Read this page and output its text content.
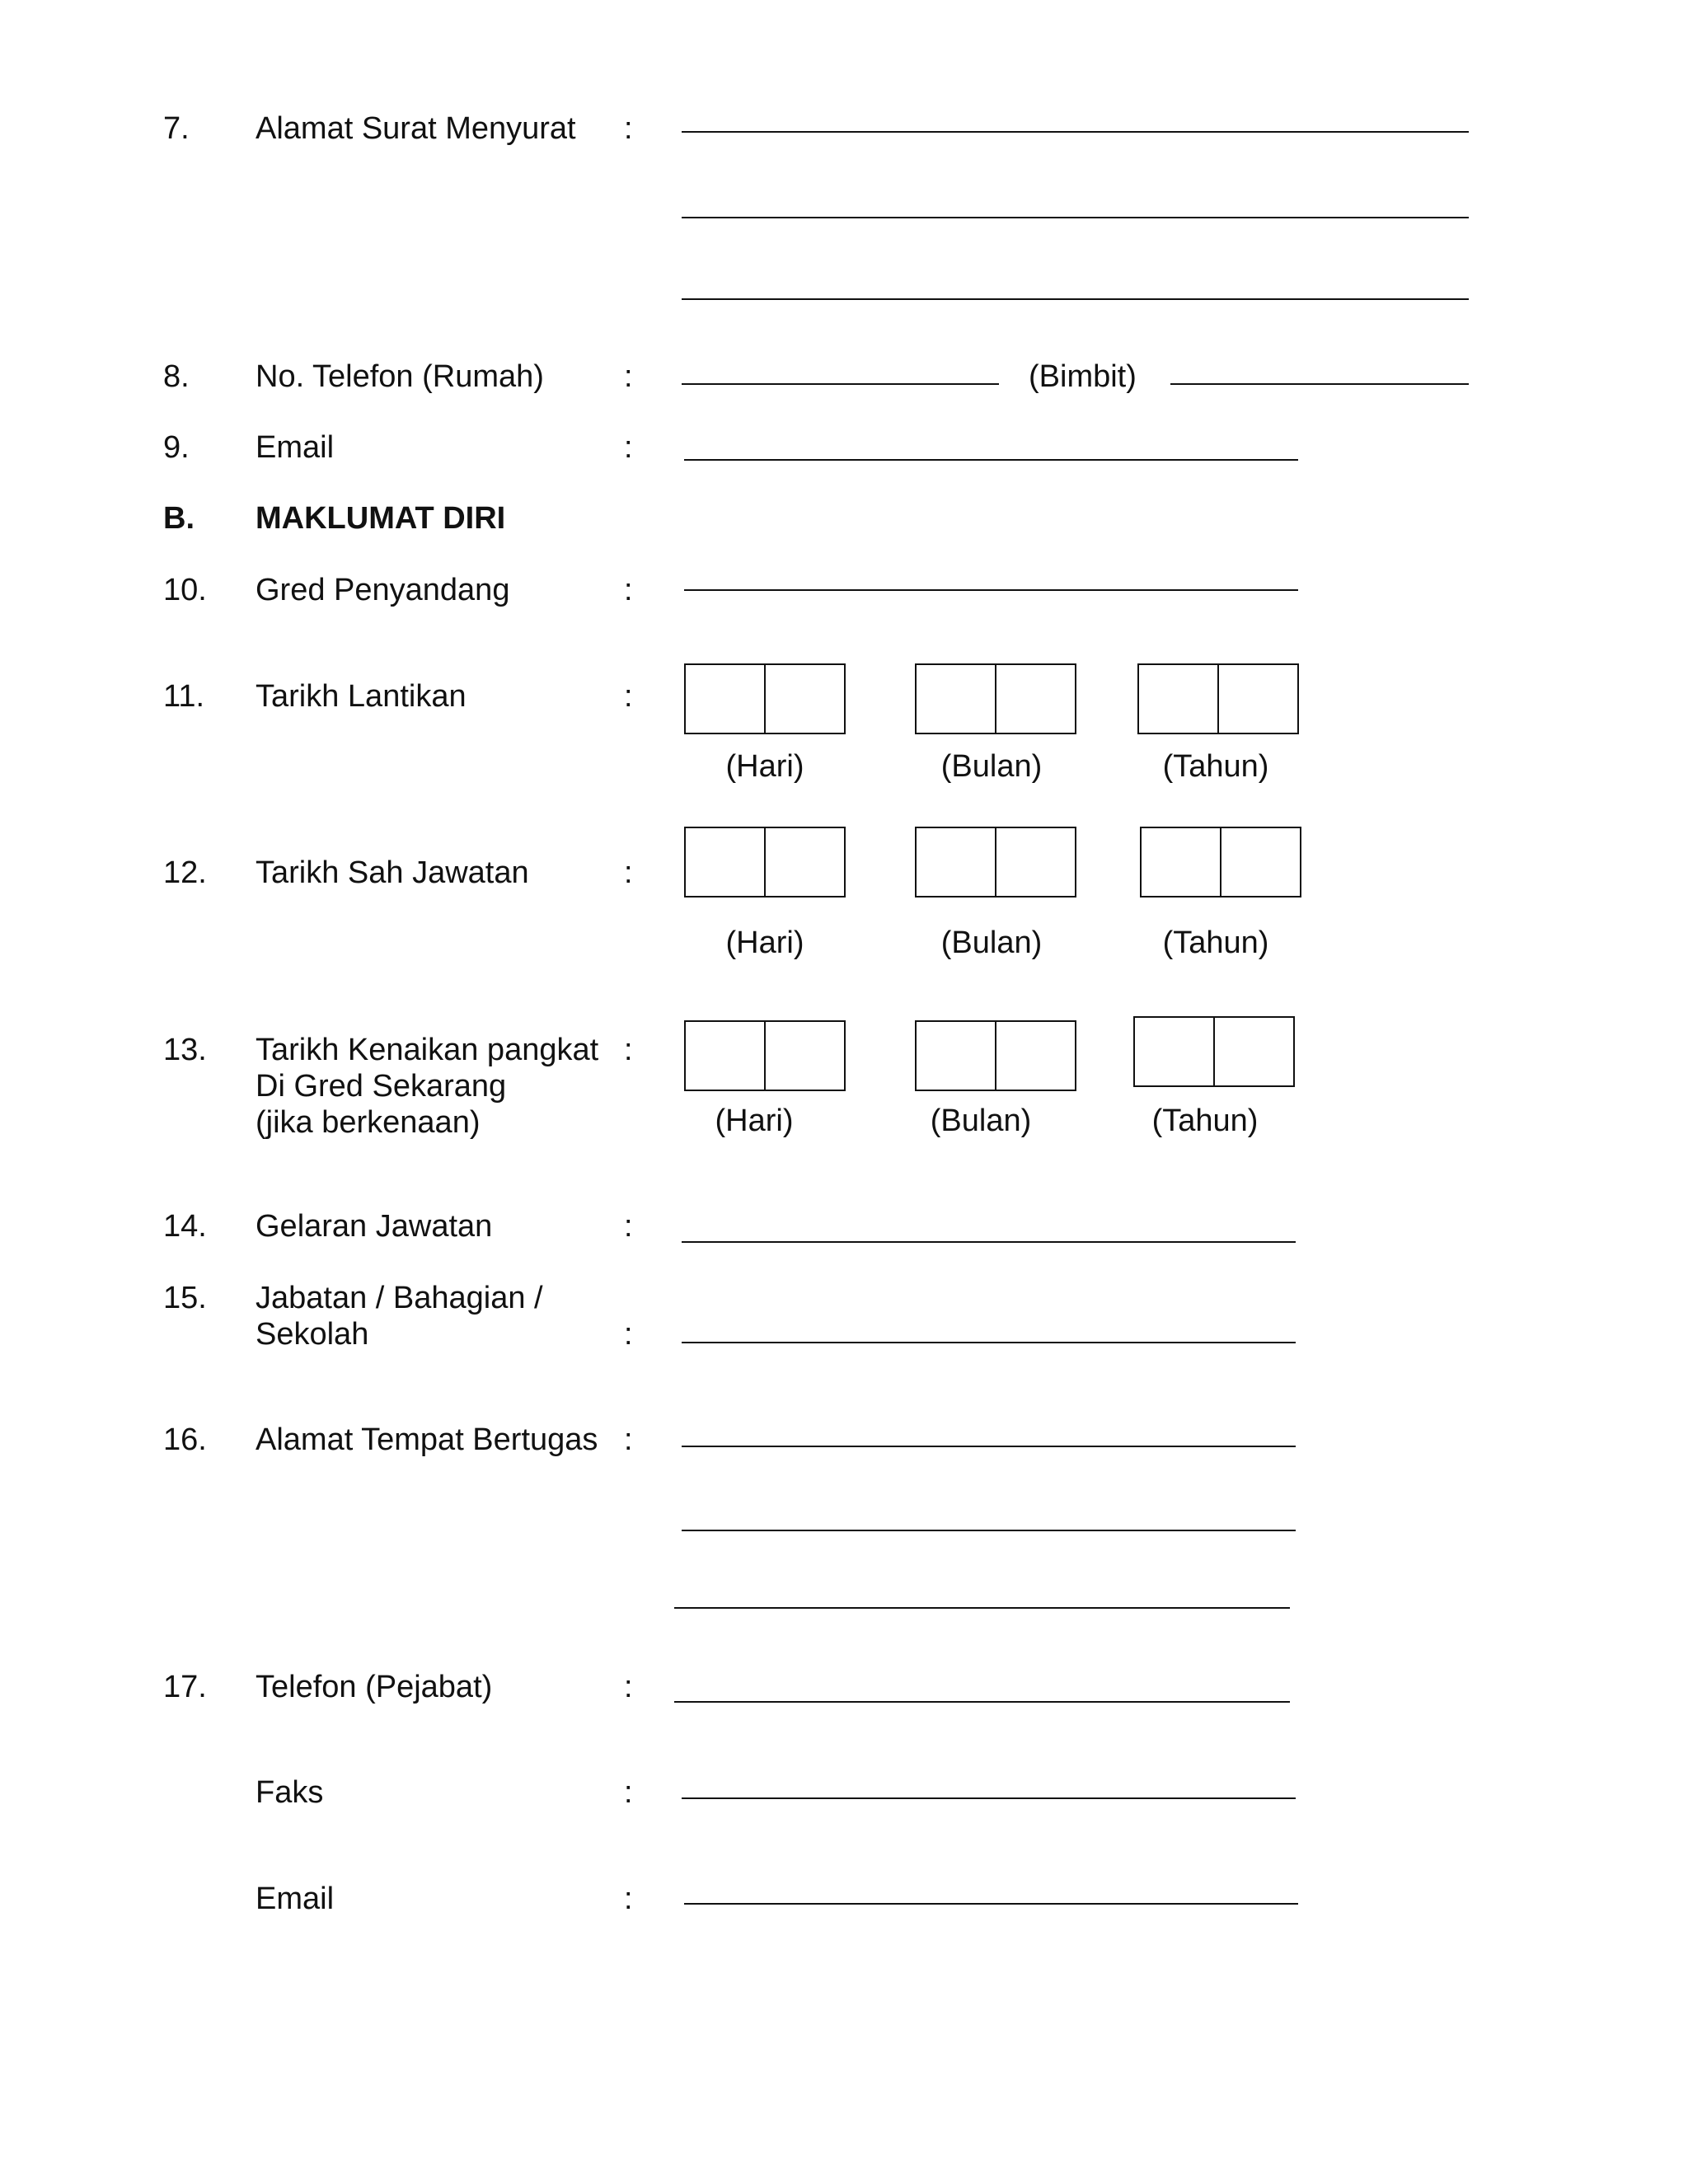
7. Alamat Surat Menyurat :
8. No. Telefon (Rumah)	:	(Bimbit)
9. Email	:
B. MAKLUMAT DIRI
10. Gred Penyandang	:
11. Tarikh Lantikan	:
(Hari)	(Bulan)	(Tahun)
12. Tarikh Sah Jawatan	:
(Hari)	(Bulan)	(Tahun)
13. Tarikh Kenaikan pangkat
Di Gred Sekarang
(jika berkenaan)
:
(Hari)	(Bulan)	(Tahun)
14. Gelaran Jawatan	:
15. Jabatan / Bahagian /
Sekolah	:
16. Alamat Tempat Bertugas :
17. Telefon (Pejabat)	:
Faks	:
Email	:
